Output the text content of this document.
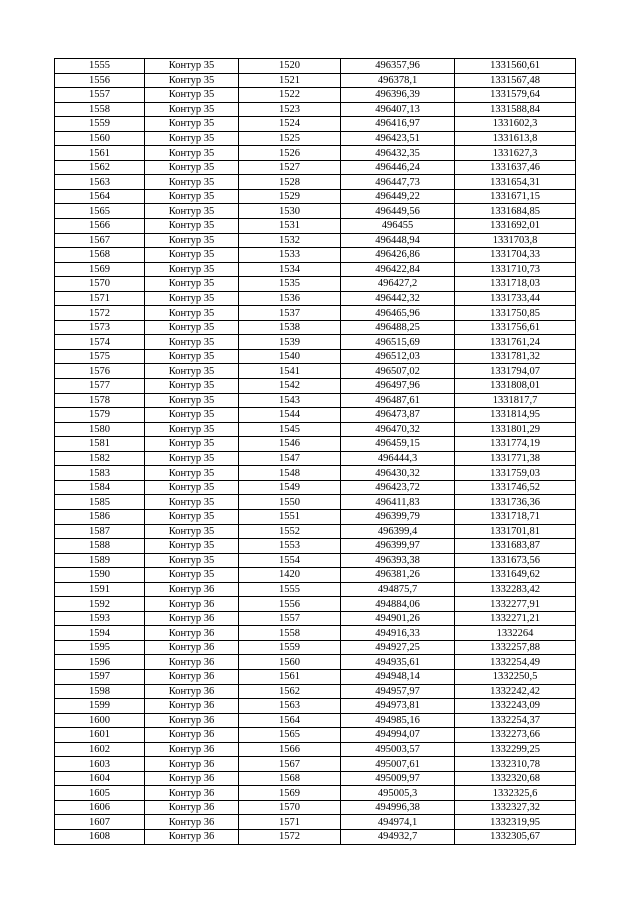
1555	Контур 35	1520	496357,96	1331560,61
1556	Контур 35	1521	496378,1	1331567,48
1557	Контур 35	1522	496396,39	1331579,64
1558	Контур 35	1523	496407,13	1331588,84
1559	Контур 35	1524	496416,97	1331602,3
1560	Контур 35	1525	496423,51	1331613,8
1561	Контур 35	1526	496432,35	1331627,3
1562	Контур 35	1527	496446,24	1331637,46
1563	Контур 35	1528	496447,73	1331654,31
1564	Контур 35	1529	496449,22	1331671,15
1565	Контур 35	1530	496449,56	1331684,85
1566	Контур 35	1531	496455	1331692,01
1567	Контур 35	1532	496448,94	1331703,8
1568	Контур 35	1533	496426,86	1331704,33
1569	Контур 35	1534	496422,84	1331710,73
1570	Контур 35	1535	496427,2	1331718,03
1571	Контур 35	1536	496442,32	1331733,44
1572	Контур 35	1537	496465,96	1331750,85
1573	Контур 35	1538	496488,25	1331756,61
1574	Контур 35	1539	496515,69	1331761,24
1575	Контур 35	1540	496512,03	1331781,32
1576	Контур 35	1541	496507,02	1331794,07
1577	Контур 35	1542	496497,96	1331808,01
1578	Контур 35	1543	496487,61	1331817,7
1579	Контур 35	1544	496473,87	1331814,95
1580	Контур 35	1545	496470,32	1331801,29
1581	Контур 35	1546	496459,15	1331774,19
1582	Контур 35	1547	496444,3	1331771,38
1583	Контур 35	1548	496430,32	1331759,03
1584	Контур 35	1549	496423,72	1331746,52
1585	Контур 35	1550	496411,83	1331736,36
1586	Контур 35	1551	496399,79	1331718,71
1587	Контур 35	1552	496399,4	1331701,81
1588	Контур 35	1553	496399,97	1331683,87
1589	Контур 35	1554	496393,38	1331673,56
1590	Контур 35	1420	496381,26	1331649,62
1591	Контур 36	1555	494875,7	1332283,42
1592	Контур 36	1556	494884,06	1332277,91
1593	Контур 36	1557	494901,26	1332271,21
1594	Контур 36	1558	494916,33	1332264
1595	Контур 36	1559	494927,25	1332257,88
1596	Контур 36	1560	494935,61	1332254,49
1597	Контур 36	1561	494948,14	1332250,5
1598	Контур 36	1562	494957,97	1332242,42
1599	Контур 36	1563	494973,81	1332243,09
1600	Контур 36	1564	494985,16	1332254,37
1601	Контур 36	1565	494994,07	1332273,66
1602	Контур 36	1566	495003,57	1332299,25
1603	Контур 36	1567	495007,61	1332310,78
1604	Контур 36	1568	495009,97	1332320,68
1605	Контур 36	1569	495005,3	1332325,6
1606	Контур 36	1570	494996,38	1332327,32
1607	Контур 36	1571	494974,1	1332319,95
1608	Контур 36	1572	494932,7	1332305,67
